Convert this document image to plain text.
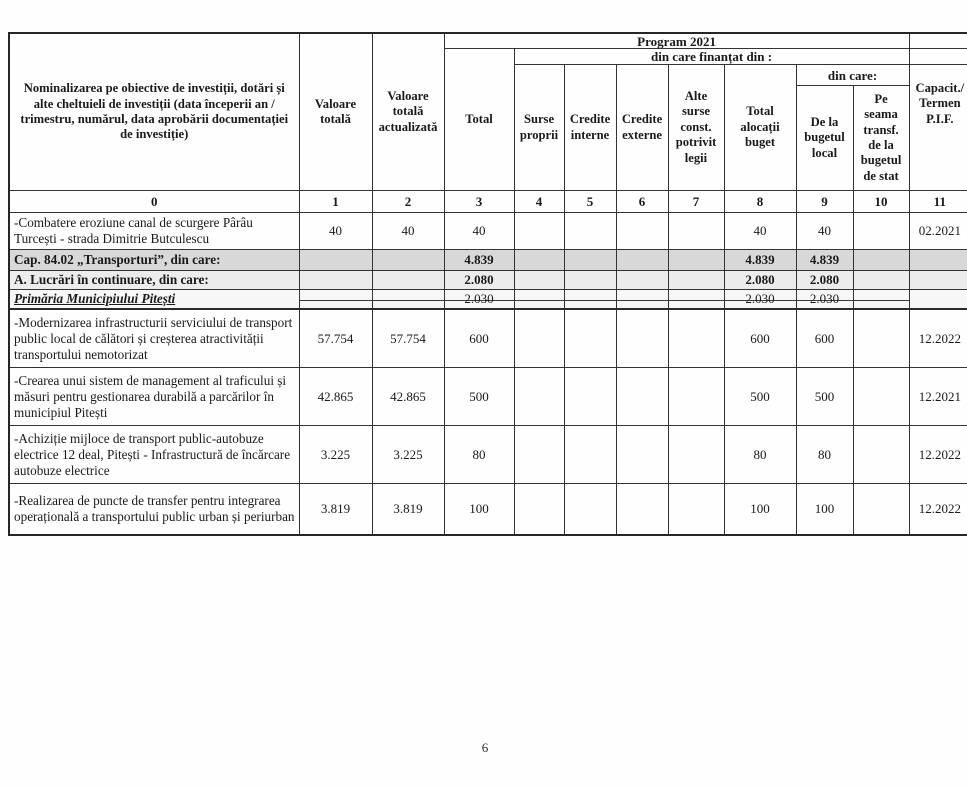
Nominalizarea pe obiective de investiții, dotări și alte cheltuieli de investiții (data începerii an / trimestru, numărul, data aprobării documentației de investiție)	Valoare totală	Valoare totală actualizată	Program 2021								
			Total	din care finanțat din :							
				Surse proprii	Credite interne	Credite externe	Alte surse const. potrivit legii	Total alocații buget	din care:		Capacit./ Termen P.I.F.
									De la bugetul local	Pe seama transf. de la bugetul de stat	
0	1	2	3	4	5	6	7	8	9	10	11
-Combatere eroziune canal de scurgere Pârâu Turcești - strada Dimitrie Butculescu	40	40	40					40	40		02.2021
Cap. 84.02 „Transporturi”, din care:			4.839					4.839	4.839		
A. Lucrări în continuare, din care:			2.080					2.080	2.080		
Primăria Municipiului Pitești			2.030					2.030	2.030		
-Modernizarea infrastructurii serviciului de transport public local de călători și creșterea atractivității transportului nemotorizat	57.754	57.754	600					600	600		12.2022
-Crearea unui sistem de management al traficului și măsuri pentru gestionarea durabilă a parcărilor în municipiul Pitești	42.865	42.865	500					500	500		12.2021
-Achiziție mijloce de transport public-autobuze electrice 12 deal, Pitești - Infrastructură de încărcare autobuze electrice	3.225	3.225	80					80	80		12.2022
-Realizarea de puncte de transfer pentru integrarea operațională a transportului public urban și periurban	3.819	3.819	100					100	100		12.2022
6
